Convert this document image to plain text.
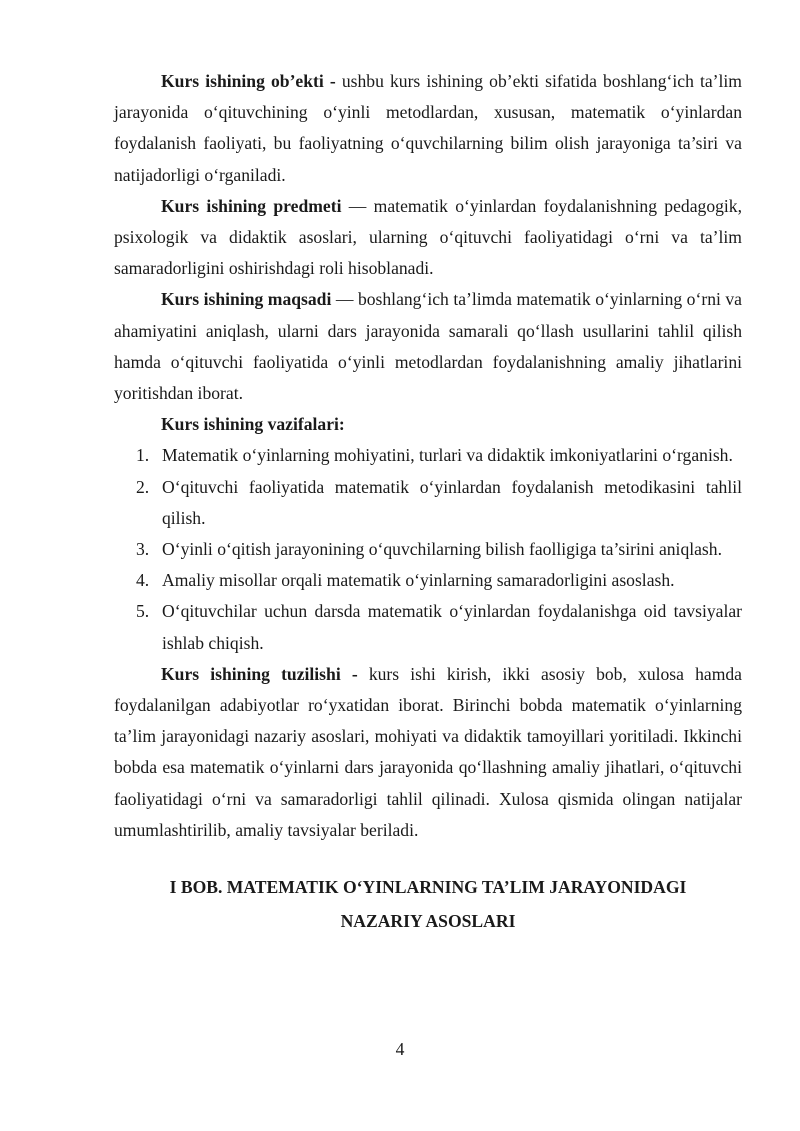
Kurs ishining ob’ekti - ushbu kurs ishining ob’ekti sifatida boshlang‘ich ta’lim jarayonida o‘qituvchining o‘yinli metodlardan, xususan, matematik o‘yinlardan foydalanish faoliyati, bu faoliyatning o‘quvchilarning bilim olish jarayoniga ta’siri va natijadorligi o‘rganiladi.

Kurs ishining predmeti — matematik o‘yinlardan foydalanishning pedagogik, psixologik va didaktik asoslari, ularning o‘qituvchi faoliyatidagi o‘rni va ta’lim samaradorligini oshirishdagi roli hisoblanadi.

Kurs ishining maqsadi — boshlang‘ich ta’limda matematik o‘yinlarning o‘rni va ahamiyatini aniqlash, ularni dars jarayonida samarali qo‘llash usullarini tahlil qilish hamda o‘qituvchi faoliyatida o‘yinli metodlardan foydalanishning amaliy jihatlarini yoritishdan iborat.

Kurs ishining vazifalari:

1. Matematik o‘yinlarning mohiyatini, turlari va didaktik imkoniyatlarini o‘rganish.
2. O‘qituvchi faoliyatida matematik o‘yinlardan foydalanish metodikasini tahlil qilish.
3. O‘yinli o‘qitish jarayonining o‘quvchilarning bilish faolligiga ta’sirini aniqlash.
4. Amaliy misollar orqali matematik o‘yinlarning samaradorligini asoslash.
5. O‘qituvchilar uchun darsda matematik o‘yinlardan foydalanishga oid tavsiyalar ishlab chiqish.

Kurs ishining tuzilishi - kurs ishi kirish, ikki asosiy bob, xulosa hamda foydalanilgan adabiyotlar ro‘yxatidan iborat. Birinchi bobda matematik o‘yinlarning ta’lim jarayonidagi nazariy asoslari, mohiyati va didaktik tamoyillari yoritiladi. Ikkinchi bobda esa matematik o‘yinlarni dars jarayonida qo‘llashning amaliy jihatlari, o‘qituvchi faoliyatidagi o‘rni va samaradorligi tahlil qilinadi. Xulosa qismida olingan natijalar umumlashtirilib, amaliy tavsiyalar beriladi.

I BOB. MATEMATIK O‘YINLARNING TA’LIM JARAYONIDAGI
NAZARIY ASOSLARI
4
